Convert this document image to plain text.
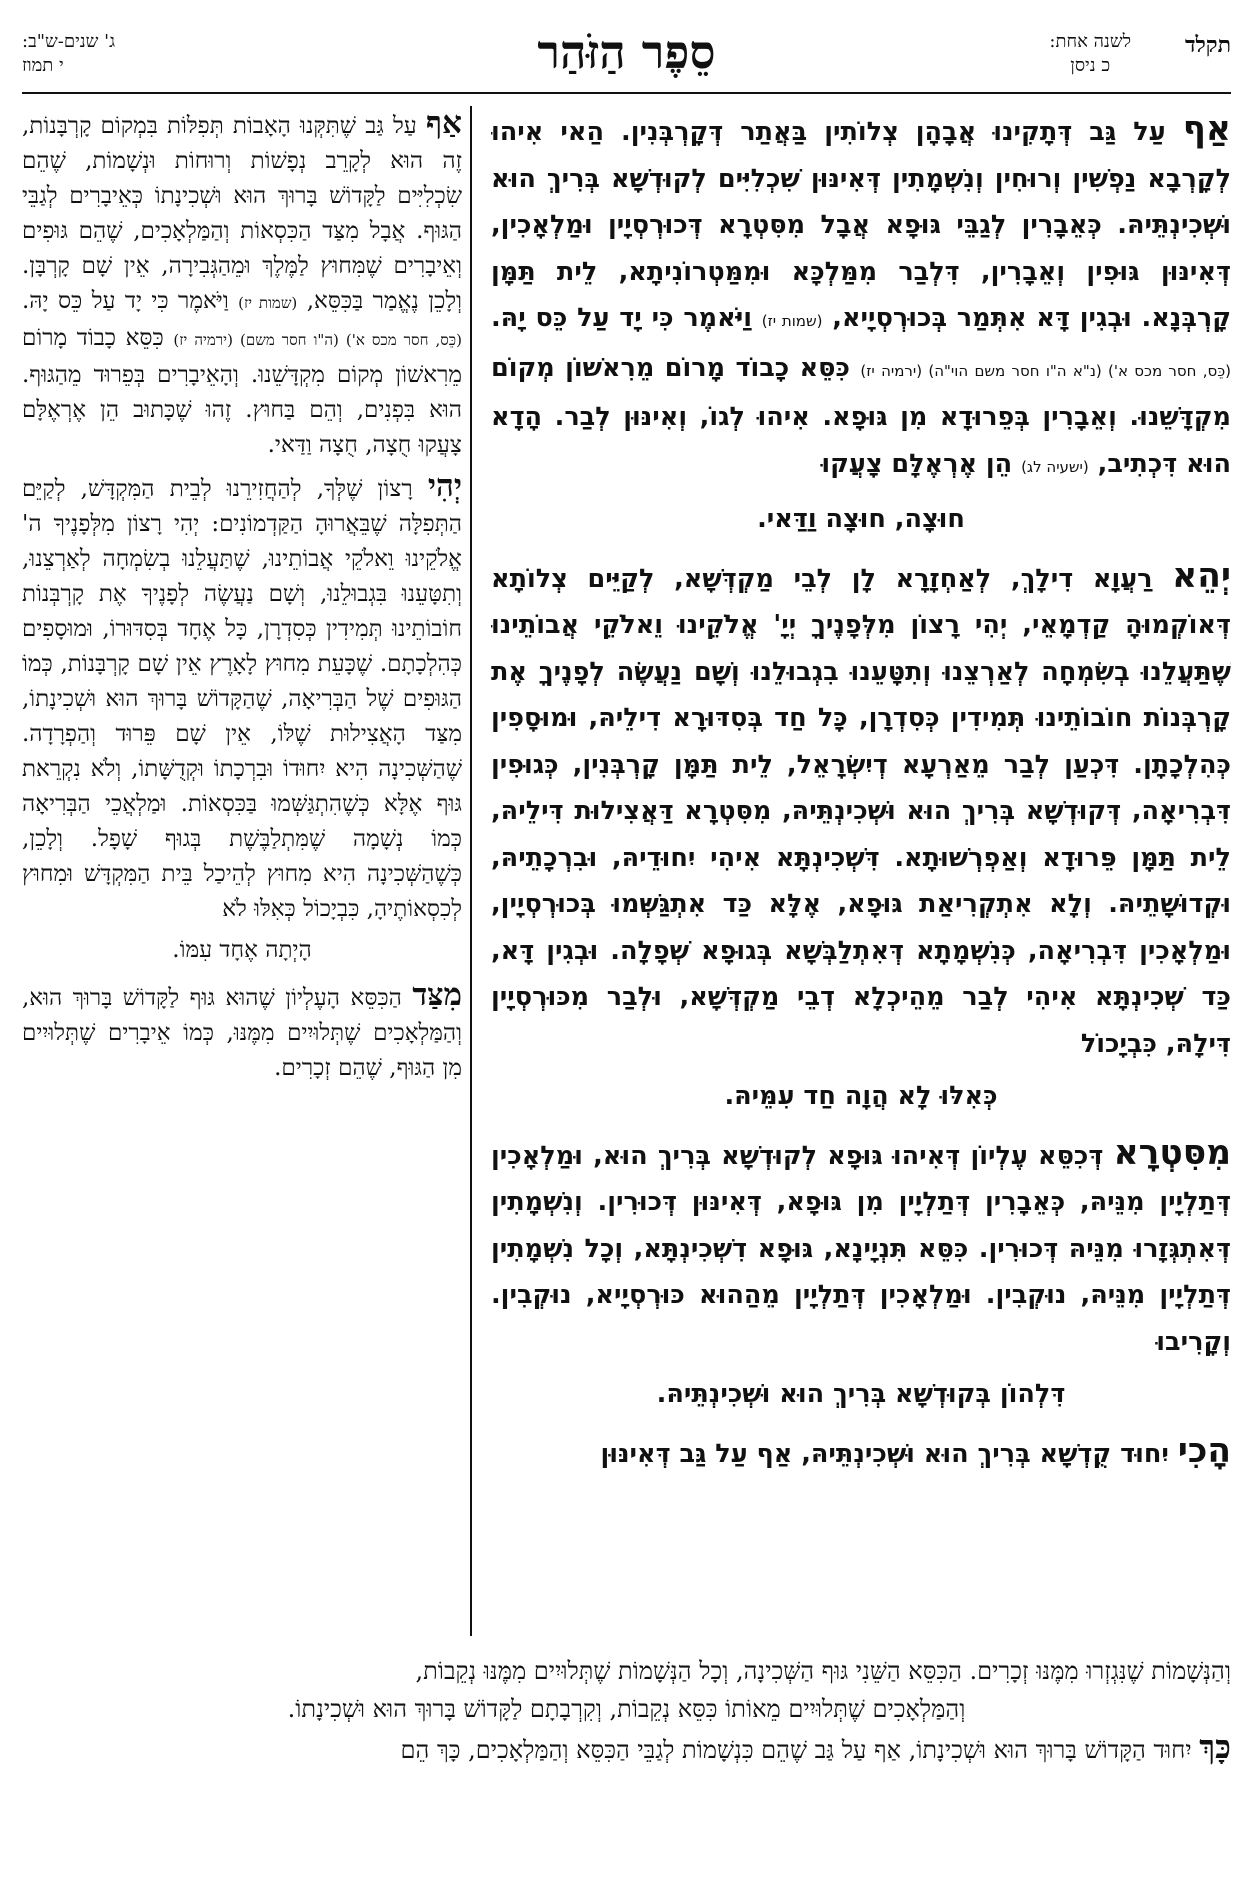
תקלד
לשנה אחת:
כ ניסן
סֵפֶר הַזֹּהַר
ג' שנים-ש"ב:
י תמוז

אַף עַל גַּב דְּתָקִינוּ אֲבָהָן צְלוֹתִין בַּאֲתַר דְּקָרְבְּנִין. הַאי אִיהוּ לְקָרְבָא נַפְשִׁין וְרוּחִין וְנִשְׁמָתִין דְּאִינּוּן שִׁכְלִיִּים לְקוּדְשָׁא בְּרִיךְ הוּא וּשְׁכִינְתֵּיהּ. כְּאֵבָרִין לְגַבֵּי גּוּפָא אֲבָל מִסִּטְרָא דְּכוּרְסְיָין וּמַלְאָכִין, דְּאִינּוּן גּוּפִין וְאֵבָרִין, דִּלְבַר מִמַּלְכָּא וּמִמַּטְרוֹנִיתָא, לֵית תַּמָּן קָרְבְּנָא. וּבְגִין דָּא אִתְּמַר בְּכוּרְסְיָיא, (שמות יז) וַיֹּאמֶר כִּי יָד עַל כֵּס יָהּ. (כֵּס, חסר מכס א') (נ"א ה"ו חסר משם הוי"ה) (ירמיה יז) כִּסֵּא כָבוֹד מָרוֹם מֵרִאשׁוֹן מְקוֹם מִקְדָּשֵׁנוּ. וְאֵבָרִין בְּפֵרוּדָא מִן גּוּפָא. אִיהוּ לְגוֹ, וְאִינּוּן לְבַר. הָדָא הוּא דִּכְתִיב, (ישעיה לג) הֵן אֶרְאֶלָּם צָעֲקוּ

חוּצָה, חוּצָה וַדַּאי.

יְהֵא רַעֲוָא דִילָךְ, לְאַחְזָרָא לָן לְבֵי מַקְדְּשָׁא, לְקַיֵּים צְלוֹתָא דְּאוֹקְמוּהָ קַדְמָאֵי, יְהִי רָצוֹן מִלְּפָנֶיךָ יְיָ' אֱלֹקֵינוּ וֵאלֹקֵי אֲבוֹתֵינוּ שֶׁתַּעֲלֵנוּ בְשִׂמְחָה לְאַרְצֵנוּ וְתִטָּעֵנוּ בִגְבוּלֵנוּ וְשָׁם נַעֲשֶׂה לְפָנֶיךָ אֶת קָרְבְּנוֹת חוֹבוֹתֵינוּ תְּמִידִין כְּסִדְרָן, כָּל חַד בְּסִדּוּרָא דִילֵיהּ, וּמוּסָפִין כְּהִלְכָתָן. דִּכְעַן לְבַר מֵאַרְעָא דְיִשְׂרָאֵל, לֵית תַּמָּן קָרְבְּנִין, כְּגוּפִין דִּבְרִיאָה, דְּקוּדְשָׁא בְּרִיךְ הוּא וּשְׁכִינְתֵּיהּ, מִסִּטְרָא דַּאֲצִילוּת דִּילֵיהּ, לֵית תַּמָּן פֵּרוּדָא וְאַפְרְשׁוּתָא. דִּשְׁכִינְתָּא אִיהִי יִחוּדֵיהּ, וּבִרְכָתֵיהּ, וּקְדוּשָׁתֵיהּ. וְלָא אִתְקְרִיאַת גּוּפָא, אֶלָּא כַּד אִתְגַּשְּׁמוּ בְּכוּרְסְיָין, וּמַלְאָכִין דִּבְרִיאָה, כְּנִשְׁמָתָא דְּאִתְלַבְּשָׁא בְּגוּפָא שְׁפָלָה. וּבְגִין דָּא, כַּד שְׁכִינְתָּא אִיהִי לְבַר מֵהֵיכְלָא דְבֵי מַקְדְּשָׁא, וּלְבַר מִכּוּרְסְיָין דִּילָהּ, כִּבְיָכוֹל

כְּאִלּוּ לָא הֲוָה חַד עִמֵּיהּ.

מִסִּטְרָא דְּכִסֵּא עֶלְיוֹן דְּאִיהוּ גּוּפָא לְקוּדְשָׁא בְּרִיךְ הוּא, וּמַלְאָכִין דְּתַלְיָין מִנֵּיהּ, כְּאֵבָרִין דְּתַלְיָין מִן גּוּפָא, דְּאִינּוּן דְּכוּרִין. וְנִשְׁמָתִין דְּאִתְגְּזָרוּ מִנֵּיהּ דְּכוּרִין. כִּסֵּא תִּנְיָינָא, גּוּפָא דִשְׁכִינְתָּא, וְכָל נִשְׁמָתִין דְּתַלְיָין מִנֵּיהּ, נוּקְבִין. וּמַלְאָכִין דְּתַלְיָין מֵהַהוּא כּוּרְסְיָיא, נוּקְבִין. וְקָרִיבוּ

דִּלְהוֹן בְּקוּדְשָׁא בְּרִיךְ הוּא וּשְׁכִינְתֵּיהּ.

הָכִי יִחוּד קֻדְשָׁא בְּרִיךְ הוּא וּשְׁכִינְתֵּיהּ, אַף עַל גַּב דְּאִינּוּן

אַף עַל גַּב שֶׁתִּקְּנוּ הָאָבוֹת תְּפִלּוֹת בִּמְקוֹם קָרְבָּנוֹת, זֶה הוּא לְקָרֵב נְפָשׁוֹת וְרוּחוֹת וּנְשָׁמוֹת, שֶׁהֵם שִׂכְלִיִּים לַקָּדוֹשׁ בָּרוּךְ הוּא וּשְׁכִינָתוֹ כְּאֵיבָרִים לְגַבֵּי הַגּוּף. אֲבָל מִצַּד הַכִּסְאוֹת וְהַמַּלְאָכִים, שֶׁהֵם גּוּפִים וְאֵיבָרִים שֶׁמִּחוּץ לַמֶּלֶךְ וּמֵהַגְּבִירָה, אֵין שָׁם קָרְבָּן. וְלָכֵן נֶאֱמַר בַּכִּסֵּא, (שמות יז) וַיֹּאמֶר כִּי יָד עַל כֵּס יָהּ. (כֵּס, חסר מכס א') (ה"ו חסר משם) (ירמיה יז) כִּסֵּא כָבוֹד מָרוֹם מֵרִאשׁוֹן מְקוֹם מִקְדָּשֵׁנוּ. וְהָאֵיבָרִים בְּפֵרוּד מֵהַגּוּף. הוּא בִּפְנִים, וְהֵם בַּחוּץ. זֶהוּ שֶׁכָּתוּב הֵן אֶרְאֶלָּם צָעֲקוּ חֻצָה, חֻצָה וַדַּאי.

יְהִי רָצוֹן שֶׁלְּךָ, לְהַחֲזִירֵנוּ לְבֵית הַמִּקְדָּשׁ, לְקַיֵּם הַתְּפִלָּה שֶׁבֵּאֲרוּהָ הַקַּדְמוֹנִים: יְהִי רָצוֹן מִלְּפָנֶיךָ ה' אֱלֹקֵינוּ וֵאלֹקֵי אֲבוֹתֵינוּ, שֶׁתַּעֲלֵנוּ בְשִׂמְחָה לְאַרְצֵנוּ, וְתִטָּעֵנוּ בִּגְבוּלֵנוּ, וְשָׁם נַעֲשֶׂה לְפָנֶיךָ אֶת קָרְבְּנוֹת חוֹבוֹתֵינוּ תְּמִידִין כְּסִדְרָן, כָּל אֶחָד בְּסִדּוּרוֹ, וּמוּסָפִים כְּהִלְכָתָם. שֶׁכָּעֵת מִחוּץ לָאָרֶץ אֵין שָׁם קָרְבָּנוֹת, כְּמוֹ הַגּוּפִים שֶׁל הַבְּרִיאָה, שֶׁהַקָּדוֹשׁ בָּרוּךְ הוּא וּשְׁכִינָתוֹ, מִצַּד הָאֲצִילוּת שֶׁלּוֹ, אֵין שָׁם פֵּרוּד וְהַפְרָדָה. שֶׁהַשְּׁכִינָה הִיא יִחוּדוֹ וּבִרְכָתוֹ וּקְדֻשָּׁתוֹ, וְלֹא נִקְרֵאת גּוּף אֶלָּא כְּשֶׁהִתְגַּשְּׁמוּ בַּכִּסְאוֹת. וּמַלְאֲכֵי הַבְּרִיאָה כְּמוֹ נְשָׁמָה שֶׁמִּתְלַבֶּשֶׁת בְּגוּף שָׁפָל. וְלָכֵן, כְּשֶׁהַשְּׁכִינָה הִיא מִחוּץ לְהֵיכַל בֵּית הַמִּקְדָּשׁ וּמִחוּץ לְכִסְאוֹתֶיהָ, כִּבְיָכוֹל כְּאִלּוּ לֹא

הָיְתָה אֶחָד עִמּוֹ.

מִצַּד הַכִּסֵּא הָעֶלְיוֹן שֶׁהוּא גּוּף לַקָּדוֹשׁ בָּרוּךְ הוּא, וְהַמַּלְאָכִים שֶׁתְּלוּיִים מִמֶּנּוּ, כְּמוֹ אֵיבָרִים שֶׁתְּלוּיִים מִן הַגּוּף, שֶׁהֵם זְכָרִים.

וְהַנְּשָׁמוֹת שֶׁנִּגְזְרוּ מִמֶּנּוּ זְכָרִים. הַכִּסֵּא הַשֵּׁנִי גּוּף הַשְּׁכִינָה, וְכָל הַנְּשָׁמוֹת שֶׁתְּלוּיִים מִמֶּנּוּ נְקֵבוֹת,

וְהַמַּלְאָכִים שֶׁתְּלוּיִים מֵאוֹתוֹ כִּסֵּא נְקֵבוֹת, וְקִרְבָתָם לַקָּדוֹשׁ בָּרוּךְ הוּא וּשְׁכִינָתוֹ.

כָּךְ יִחוּד הַקָּדוֹשׁ בָּרוּךְ הוּא וּשְׁכִינָתוֹ, אַף עַל גַּב שֶׁהֵם כִּנְשָׁמוֹת לְגַבֵּי הַכִּסֵּא וְהַמַּלְאָכִים, כָּךְ הֵם
